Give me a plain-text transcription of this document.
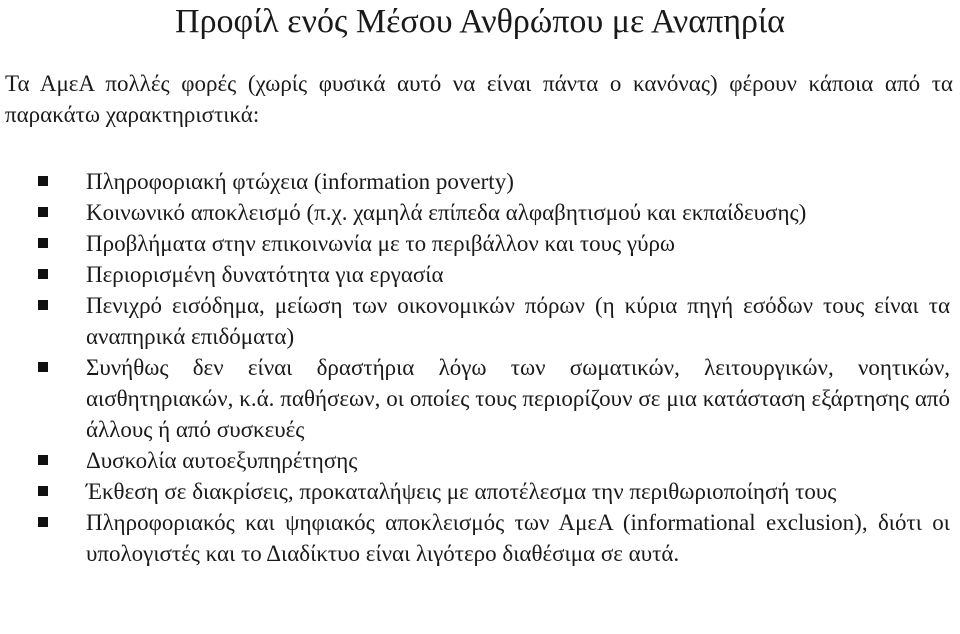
Προφίλ ενός Μέσου Ανθρώπου με Αναπηρία

Τα ΑμεΑ πολλές φορές (χωρίς φυσικά αυτό να είναι πάντα ο κανόνας) φέρουν κάποια από τα παρακάτω χαρακτηριστικά:

Πληροφοριακή φτώχεια (information poverty)
Κοινωνικό αποκλεισμό (π.χ. χαμηλά επίπεδα αλφαβητισμού και εκπαίδευσης)
Προβλήματα στην επικοινωνία με το περιβάλλον και τους γύρω
Περιορισμένη δυνατότητα για εργασία
Πενιχρό εισόδημα, μείωση των οικονομικών πόρων (η κύρια πηγή εσόδων τους είναι τα αναπηρικά επιδόματα)
Συνήθως δεν είναι δραστήρια λόγω των σωματικών, λειτουργικών, νοητικών, αισθητηριακών, κ.ά. παθήσεων, οι οποίες τους περιορίζουν σε μια κατάσταση εξάρτησης από άλλους ή από συσκευές
Δυσκολία αυτοεξυπηρέτησης
Έκθεση σε διακρίσεις, προκαταλήψεις με αποτέλεσμα την περιθωριοποίησή τους
Πληροφοριακός και ψηφιακός αποκλεισμός των ΑμεΑ (informational exclusion), διότι οι υπολογιστές και το Διαδίκτυο είναι λιγότερο διαθέσιμα σε αυτά.
